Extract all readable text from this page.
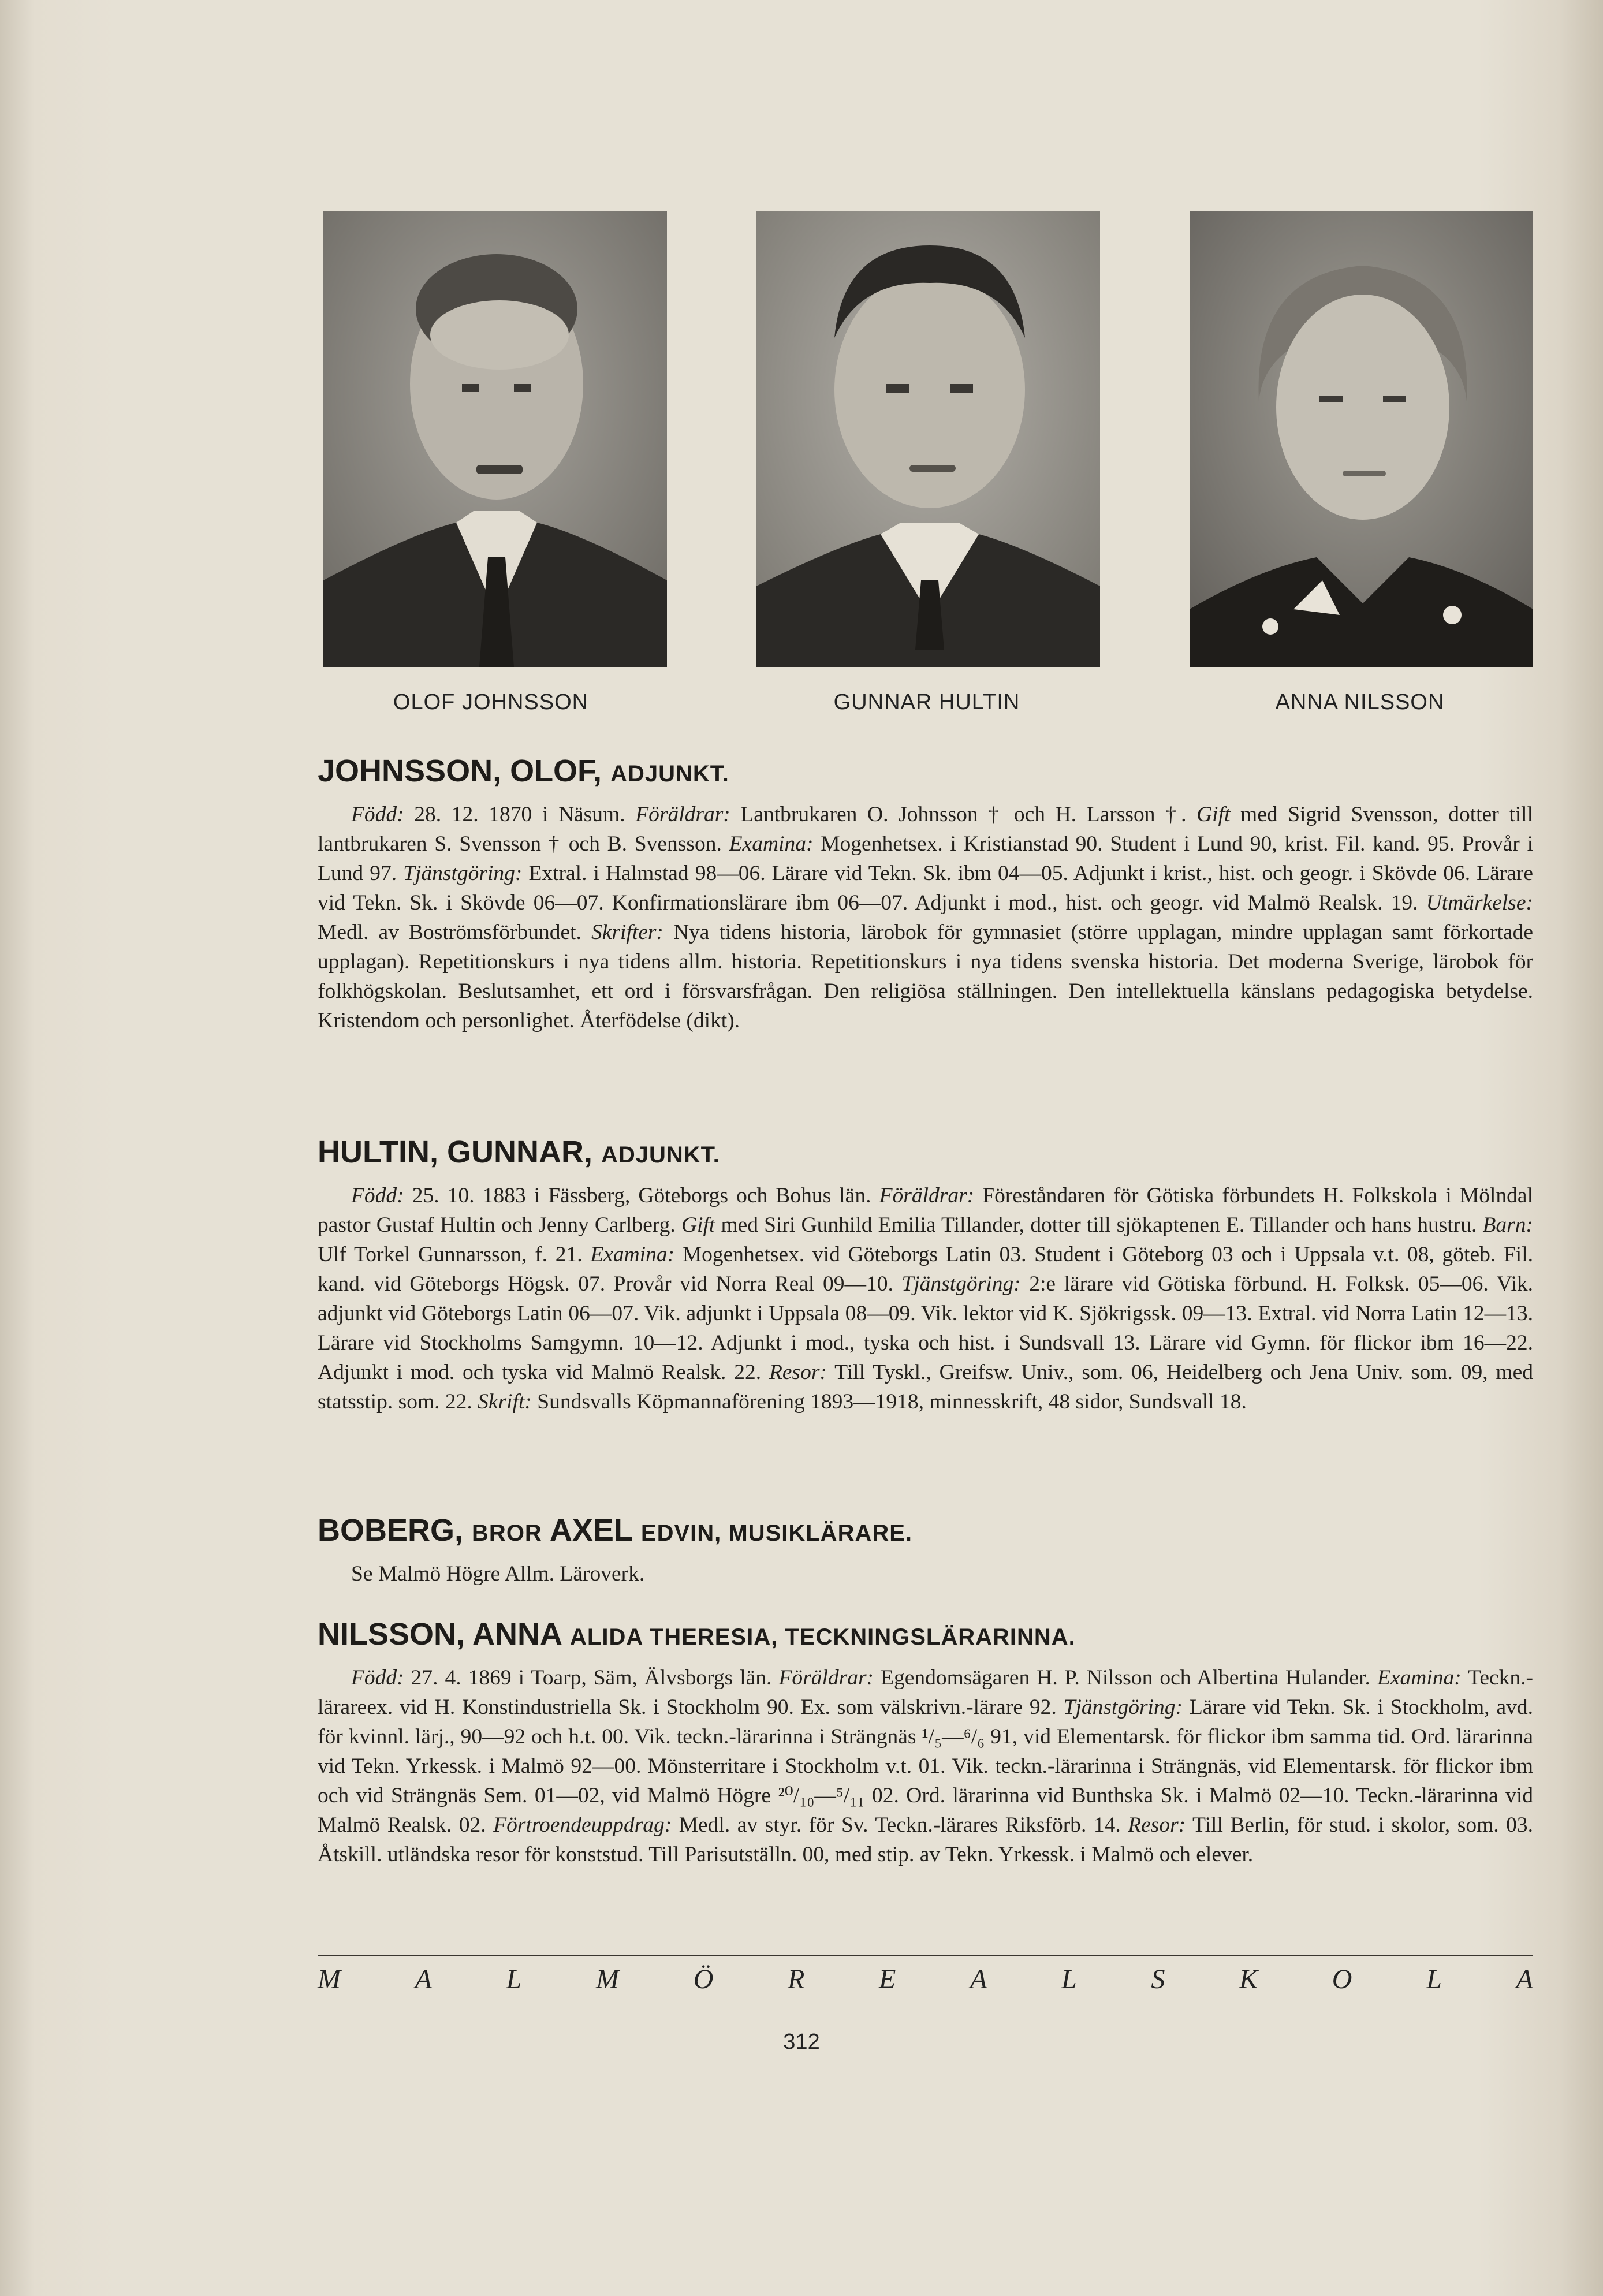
OLOF JOHNSSON	GUNNAR HULTIN	ANNA NILSSON
JOHNSSON, OLOF, ADJUNKT.

Född: 28. 12. 1870 i Näsum. Föräldrar: Lantbrukaren O. Johnsson † och H. Larsson †. Gift med Sigrid Svensson, dotter till lantbrukaren S. Svensson † och B. Svensson. Examina: Mogenhetsex. i Kristianstad 90. Student i Lund 90, krist. Fil. kand. 95. Provår i Lund 97. Tjänstgöring: Extral. i Halmstad 98—06. Lärare vid Tekn. Sk. ibm 04—05. Adjunkt i krist., hist. och geogr. i Skövde 06. Lärare vid Tekn. Sk. i Skövde 06—07. Konfirmationslärare ibm 06—07. Adjunkt i mod., hist. och geogr. vid Malmö Realsk. 19. Utmärkelse: Medl. av Boströmsförbundet. Skrifter: Nya tidens historia, lärobok för gymnasiet (större upplagan, mindre upplagan samt förkortade upplagan). Repetitionskurs i nya tidens allm. historia. Repetitionskurs i nya tidens svenska historia. Det moderna Sverige, lärobok för folkhögskolan. Beslutsamhet, ett ord i försvarsfrågan. Den religiösa ställningen. Den intellektuella känslans pedagogiska betydelse. Kristendom och personlighet. Återfödelse (dikt).

HULTIN, GUNNAR, ADJUNKT.

Född: 25. 10. 1883 i Fässberg, Göteborgs och Bohus län. Föräldrar: Föreståndaren för Götiska förbundets H. Folkskola i Mölndal pastor Gustaf Hultin och Jenny Carlberg. Gift med Siri Gunhild Emilia Tillander, dotter till sjökaptenen E. Tillander och hans hustru. Barn: Ulf Torkel Gunnarsson, f. 21. Examina: Mogenhetsex. vid Göteborgs Latin 03. Student i Göteborg 03 och i Uppsala v.t. 08, göteb. Fil. kand. vid Göteborgs Högsk. 07. Provår vid Norra Real 09—10. Tjänstgöring: 2:e lärare vid Götiska förbund. H. Folksk. 05—06. Vik. adjunkt vid Göteborgs Latin 06—07. Vik. adjunkt i Uppsala 08—09. Vik. lektor vid K. Sjökrigssk. 09—13. Extral. vid Norra Latin 12—13. Lärare vid Stockholms Samgymn. 10—12. Adjunkt i mod., tyska och hist. i Sundsvall 13. Lärare vid Gymn. för flickor ibm 16—22. Adjunkt i mod. och tyska vid Malmö Realsk. 22. Resor: Till Tyskl., Greifsw. Univ., som. 06, Heidelberg och Jena Univ. som. 09, med statsstip. som. 22. Skrift: Sundsvalls Köpmannaförening 1893—1918, minnesskrift, 48 sidor, Sundsvall 18.

BOBERG, BROR AXEL EDVIN, MUSIKLÄRARE.

Se Malmö Högre Allm. Läroverk.

NILSSON, ANNA ALIDA THERESIA, TECKNINGSLÄRARINNA.

Född: 27. 4. 1869 i Toarp, Säm, Älvsborgs län. Föräldrar: Egendomsägaren H. P. Nilsson och Albertina Hulander. Examina: Teckn.-lärareex. vid H. Konstindustriella Sk. i Stockholm 90. Ex. som välskrivn.-lärare 92. Tjänstgöring: Lärare vid Tekn. Sk. i Stockholm, avd. för kvinnl. lärj., 90—92 och h.t. 00. Vik. teckn.-lärarinna i Strängnäs ¹/₅—⁶/₆ 91, vid Elementarsk. för flickor ibm samma tid. Ord. lärarinna vid Tekn. Yrkessk. i Malmö 92—00. Mönsterritare i Stockholm v.t. 01. Vik. teckn.-lärarinna i Strängnäs, vid Elementarsk. för flickor ibm och vid Strängnäs Sem. 01—02, vid Malmö Högre ²⁰/₁₀—⁵/₁₁ 02. Ord. lärarinna vid Bunthska Sk. i Malmö 02—10. Teckn.-lärarinna vid Malmö Realsk. 02. Förtroendeuppdrag: Medl. av styr. för Sv. Teckn.-lärares Riksförb. 14. Resor: Till Berlin, för stud. i skolor, som. 03. Åtskill. utländska resor för konststud. Till Parisutställn. 00, med stip. av Tekn. Yrkessk. i Malmö och elever.

M	A	L	M	Ö	R	E	A	L	S	K	O	L	A
312
